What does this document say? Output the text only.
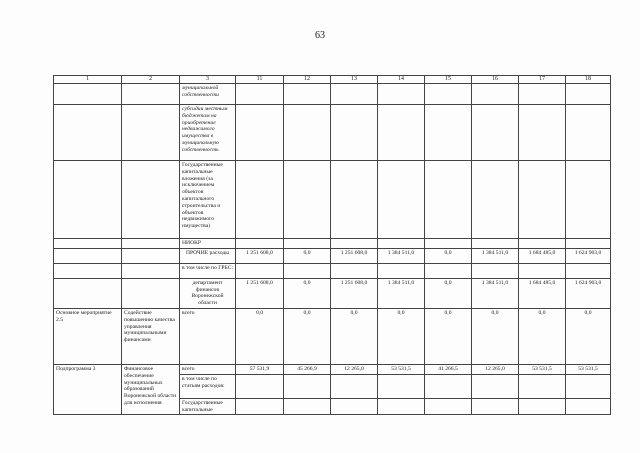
63
1	2	3	11	12	13	14	15	16	17	18
		муниципальной собственности								
		субсидии местным бюджетам на приобретение недвижимого имущества в муниципальную собственность								
		Государственные капитальные вложения (за исключением объектов капитального строительства и объектов недвижимого имущества)								
		НИОКР								
		ПРОЧИЕ расходы	1 251 608,0	0,0	1 251 608,0	1 384 511,0	0,0	1 384 511,0	1 684 485,0	1 624 903,0
		в том числе по ГРБС:								
		департамент финансов Воронежской области	1 251 608,0	0,0	1 251 608,0	1 384 511,0	0,0	1 384 511,0	1 684 485,0	1 624 903,0
Основное мероприятие 2.5	Содействие повышению качества управления муниципальными финансами	всего	0,0	0,0	0,0	0,0	0,0	0,0	0,0	0,0
Подпрограмма 3	Финансовое обеспечение муниципальных образований Воронежской области для исполнения	всего	57 531,9	45 266,9	12 265,0	53 531,5	41 266,5	12 265,0	53 531,5	53 531,5
		в том числе по статьям расходов:								
		Государственные капитальные								
